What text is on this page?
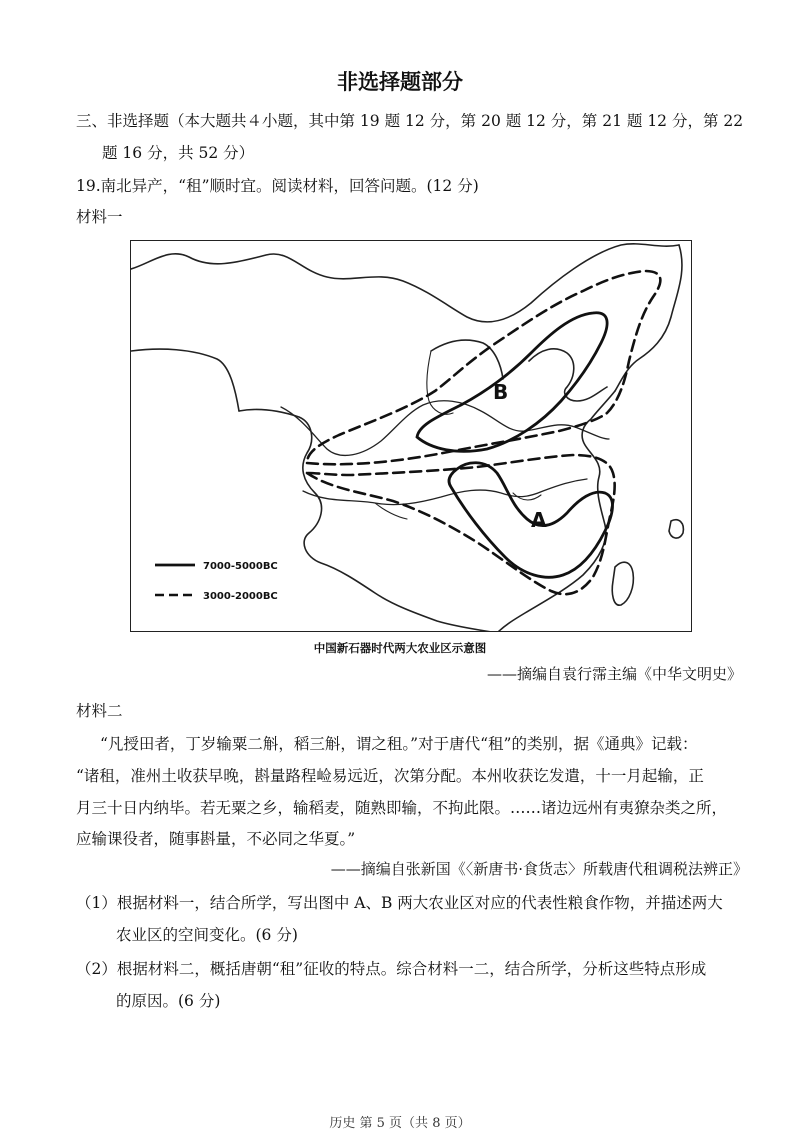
非选择题部分
三、非选择题（本大题共４小题，其中第 19 题 12 分，第 20 题 12 分，第 21 题 12 分，第 22
题 16 分，共 52 分）
19.南北异产，“租”顺时宜。阅读材料，回答问题。(12 分)
材料一
B
A
7000-5000BC
3000-2000BC
中国新石器时代两大农业区示意图
——摘编自袁行霈主编《中华文明史》
材料二
“凡授田者，丁岁输粟二斛，稻三斛，谓之租。”对于唐代“租”的类别，据《通典》记载：
“诸租，准州土收获早晚，斟量路程崄易远近，次第分配。本州收获讫发遣，十一月起输，正
月三十日内纳毕。若无粟之乡，输稻麦，随熟即输，不拘此限。……诸边远州有夷獠杂类之所，
应输课役者，随事斟量，不必同之华夏。”
——摘编自张新国《〈新唐书·食货志〉所载唐代租调税法辨正》
（1）根据材料一，结合所学，写出图中 A、B 两大农业区对应的代表性粮食作物，并描述两大
农业区的空间变化。(6 分)
（2）根据材料二，概括唐朝“租”征收的特点。综合材料一二，结合所学，分析这些特点形成
的原因。(6 分)
历史 第 5 页（共 8 页）
